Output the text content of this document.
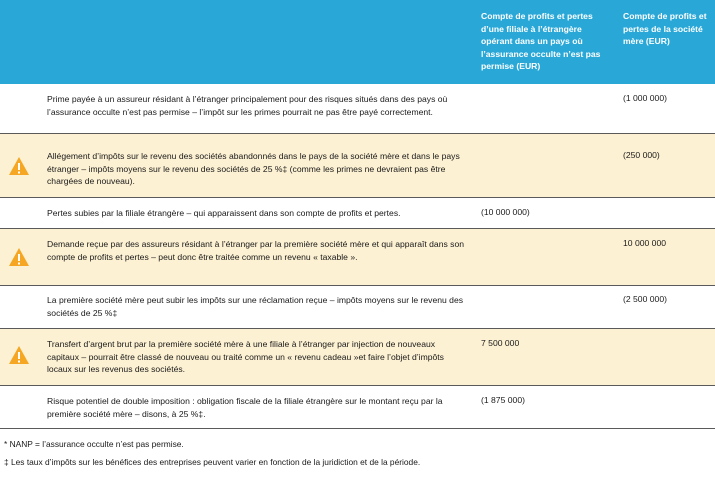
Compte de profits et pertes d’une filiale à l’étrangère opérant dans un pays où l’assurance occulte n’est pas permise (EUR)
Compte de profits et pertes de la société mère (EUR)
Prime payée à un assureur résidant à l’étranger principalement pour des risques situés dans des pays où l’assurance occulte n’est pas permise – l’impôt sur les primes pourrait ne pas être payé correctement.
(1 000 000)
Allégement d’impôts sur le revenu des sociétés abandonnés dans le pays de la société mère et dans le pays étranger – impôts moyens sur le revenu des sociétés de 25 %‡ (comme les primes ne devraient pas être chargées de nouveau).
(250 000)
Pertes subies par la filiale étrangère – qui apparaissent dans son compte de profits et pertes.	(10 000 000)
Demande reçue par des assureurs résidant à l’étranger par la première société mère et qui apparaît dans son compte de profits et pertes – peut donc être traitée comme un revenu « taxable ».
10 000 000
La première société mère peut subir les impôts sur une réclamation reçue – impôts moyens sur le revenu des sociétés de 25 %‡
(2 500 000)
Transfert d’argent brut par la première société mère à une filiale à l’étranger par injection de nouveaux capitaux – pourrait être classé de nouveau ou traité comme un « revenu cadeau »et faire l’objet d’impôts locaux sur les revenus des sociétés.
7 500 000
Risque potentiel de double imposition : obligation fiscale de la filiale étrangère sur le montant reçu par la première société mère – disons, à 25 %‡.
(1 875 000)
* NANP = l’assurance occulte n’est pas permise.
‡ Les taux d’impôts sur les bénéfices des entreprises peuvent varier en fonction de la juridiction et de la période.
